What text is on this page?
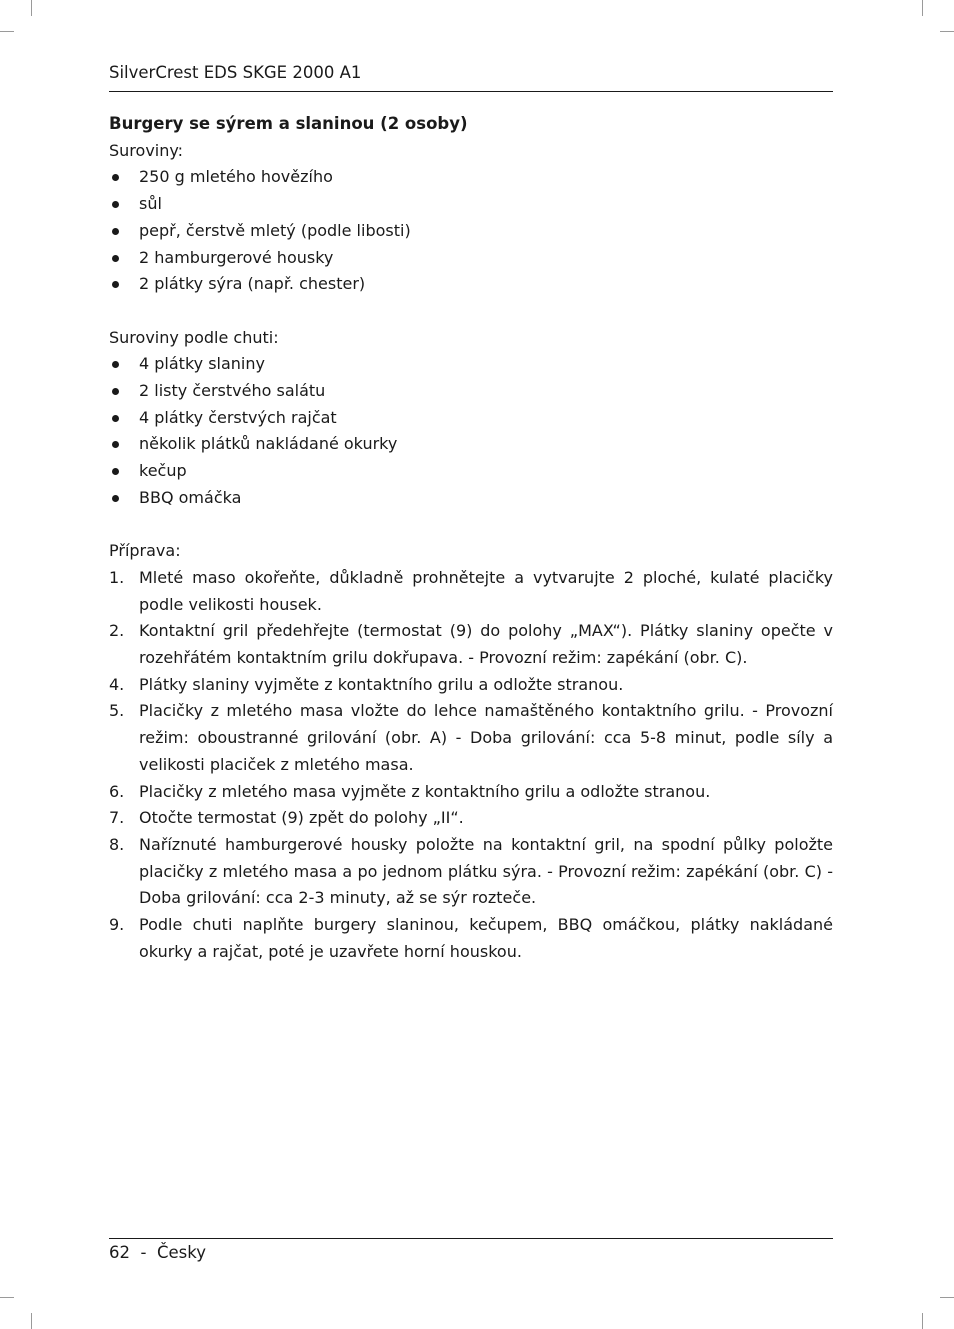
SilverCrest EDS SKGE 2000 A1

Burgery se sýrem a slaninou (2 osoby)

Suroviny:

250 g mletého hovězího
sůl
pepř, čerstvě mletý (podle libosti)
2 hamburgerové housky
2 plátky sýra (např. chester)

Suroviny podle chuti:

4 plátky slaniny
2 listy čerstvého salátu
4 plátky čerstvých rajčat
několik plátků nakládané okurky
kečup
BBQ omáčka

Příprava:

1. Mleté maso okořeňte, důkladně prohnětejte a vytvarujte 2 ploché, kulaté placičky podle velikosti housek.
2. Kontaktní gril předehřejte (termostat (9) do polohy „MAX“). Plátky slaniny opečte v rozehřátém kontaktním grilu dokřupava. - Provozní režim: zapékání (obr. C).
4. Plátky slaniny vyjměte z kontaktního grilu a odložte stranou.
5. Placičky z mletého masa vložte do lehce namaštěného kontaktního grilu. - Provozní režim: oboustranné grilování (obr. A) - Doba grilování: cca 5-8 minut, podle síly a velikosti placiček z mletého masa.
6. Placičky z mletého masa vyjměte z kontaktního grilu a odložte stranou.
7. Otočte termostat (9) zpět do polohy „II“.
8. Naříznuté hamburgerové housky položte na kontaktní gril, na spodní půlky položte placičky z mletého masa a po jednom plátku sýra. - Provozní režim: zapékání (obr. C) - Doba grilování: cca 2-3 minuty, až se sýr rozteče.
9. Podle chuti naplňte burgery slaninou, kečupem, BBQ omáčkou, plátky nakládané okurky a rajčat, poté je uzavřete horní houskou.
62 - Česky
